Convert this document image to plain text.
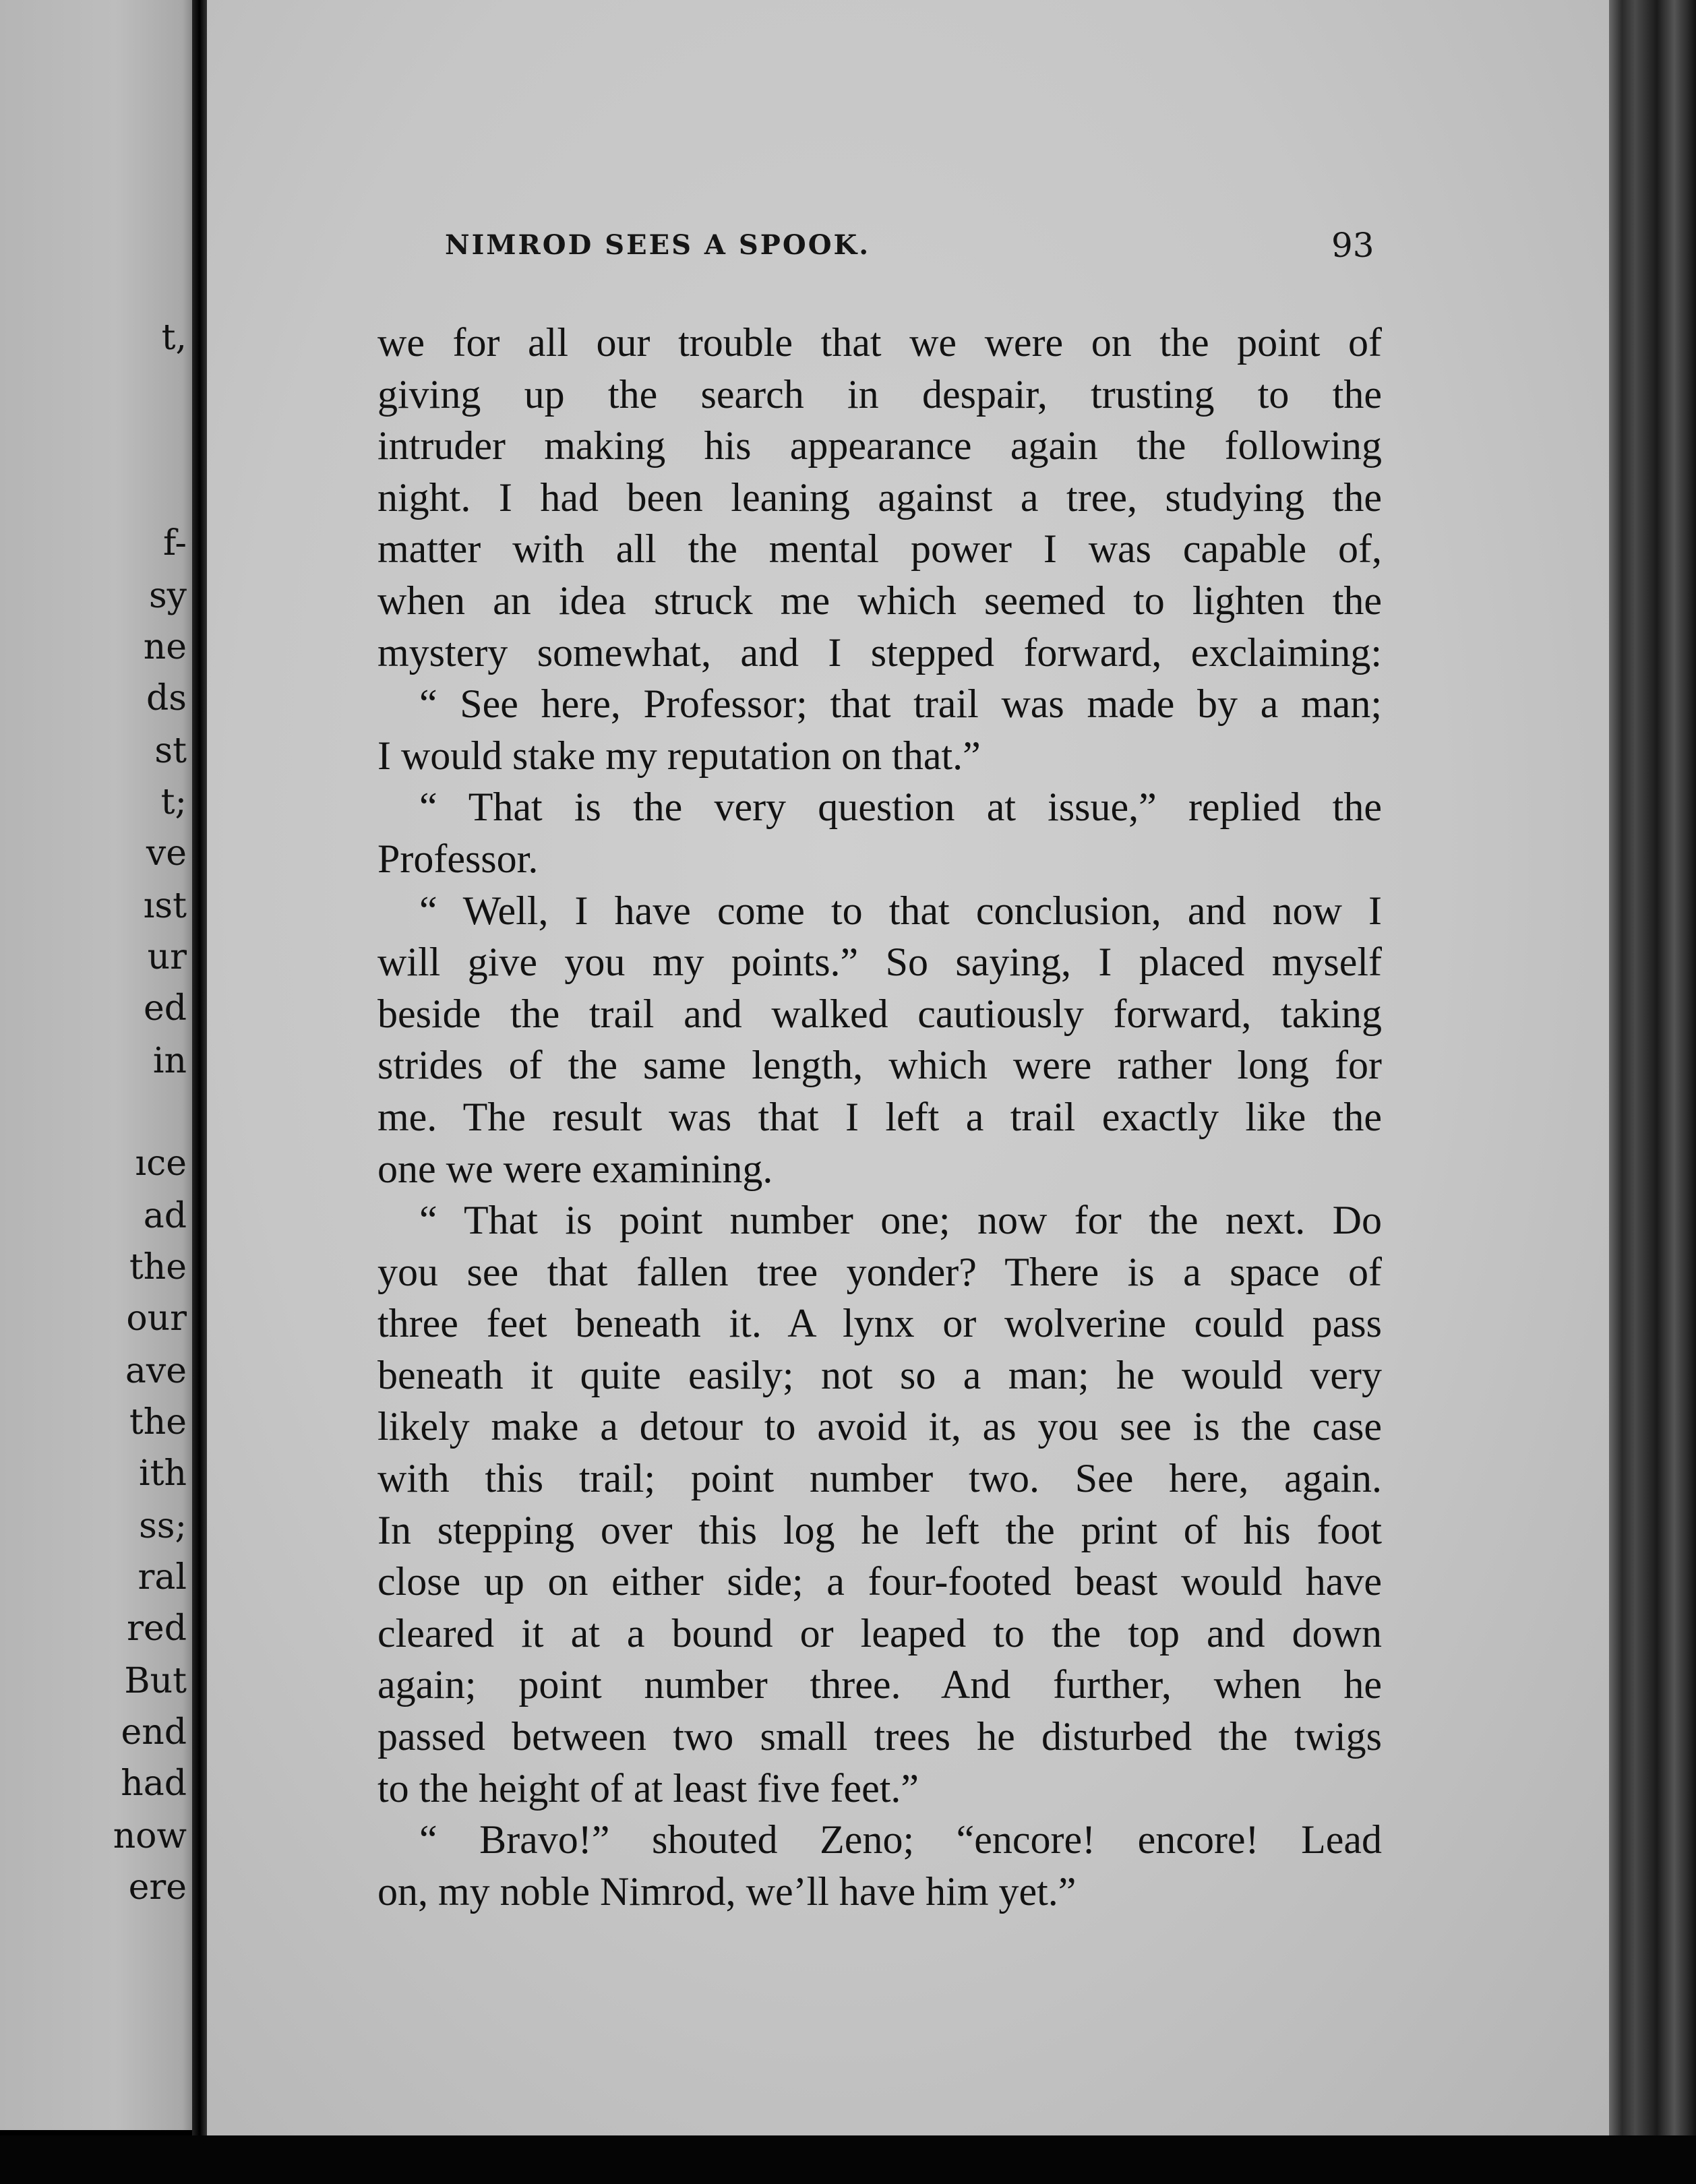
t,
f-
sy
ne
ds
st
t;
ve
ıst
ur
ed
in
ıce
ad
the
our
ave
the
ith
ss;
ral
red
But
end
had
now
ere
NIMROD SEES A SPOOK.	93
we for all our trouble that we were on the point of
giving up the search in despair, trusting to the
intruder making his appearance again the following
night. I had been leaning against a tree, studying the
matter with all the mental power I was capable of,
when an idea struck me which seemed to lighten the
mystery somewhat, and I stepped forward, exclaiming:
“ See here, Professor; that trail was made by a man;
I would stake my reputation on that.”
“ That is the very question at issue,” replied the
Professor.
“ Well, I have come to that conclusion, and now I
will give you my points.” So saying, I placed myself
beside the trail and walked cautiously forward, taking
strides of the same length, which were rather long for
me. The result was that I left a trail exactly like the
one we were examining.
“ That is point number one; now for the next. Do
you see that fallen tree yonder? There is a space of
three feet beneath it. A lynx or wolverine could pass
beneath it quite easily; not so a man; he would very
likely make a detour to avoid it, as you see is the case
with this trail; point number two. See here, again.
In stepping over this log he left the print of his foot
close up on either side; a four-footed beast would have
cleared it at a bound or leaped to the top and down
again; point number three. And further, when he
passed between two small trees he disturbed the twigs
to the height of at least five feet.”
“ Bravo!” shouted Zeno; “encore! encore! Lead
on, my noble Nimrod, we’ll have him yet.”
